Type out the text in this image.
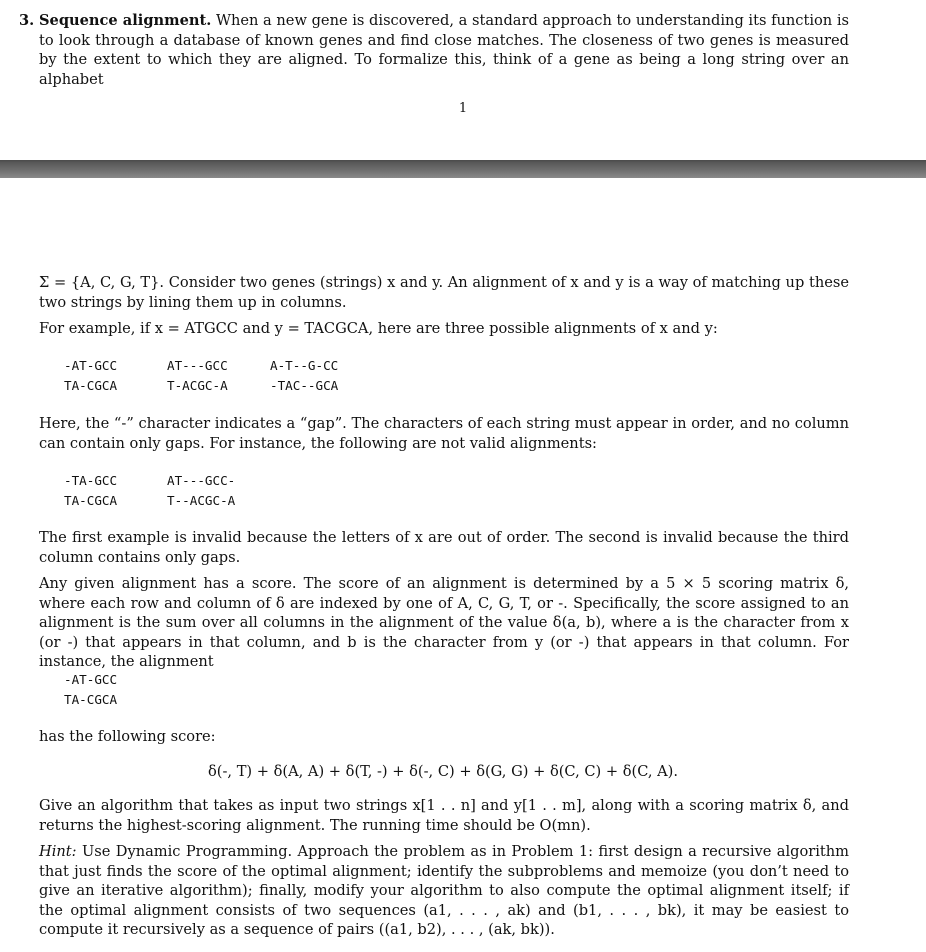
3. Sequence alignment. When a new gene is discovered, a standard approach to understanding its function is to look through a database of known genes and find close matches. The closeness of two genes is measured by the extent to which they are aligned. To formalize this, think of a gene as being a long string over an alphabet

1

Σ = {A, C, G, T}. Consider two genes (strings) x and y. An alignment of x and y is a way of matching up these two strings by lining them up in columns.

For example, if x = ATGCC and y = TACGCA, here are three possible alignments of x and y:

-AT-GCC
TA-CGCA
AT---GCC
T-ACGC-A
A-T--G-CC
-TAC--GCA

Here, the “-” character indicates a “gap”. The characters of each string must appear in order, and no column can contain only gaps. For instance, the following are not valid alignments:

-TA-GCC
TA-CGCA
AT---GCC-
T--ACGC-A

The first example is invalid because the letters of x are out of order. The second is invalid because the third column contains only gaps.

Any given alignment has a score. The score of an alignment is determined by a 5 × 5 scoring matrix δ, where each row and column of δ are indexed by one of A, C, G, T, or -. Specifically, the score assigned to an alignment is the sum over all columns in the alignment of the value δ(a, b), where a is the character from x (or -) that appears in that column, and b is the character from y (or -) that appears in that column. For instance, the alignment

-AT-GCC
TA-CGCA

has the following score:

δ(-, T) + δ(A, A) + δ(T, -) + δ(-, C) + δ(G, G) + δ(C, C) + δ(C, A).

Give an algorithm that takes as input two strings x[1 . . n] and y[1 . . m], along with a scoring matrix δ, and returns the highest-scoring alignment. The running time should be O(mn).

Hint: Use Dynamic Programming. Approach the problem as in Problem 1: first design a recursive algorithm that just finds the score of the optimal alignment; identify the subproblems and memoize (you don’t need to give an iterative algorithm); finally, modify your algorithm to also compute the optimal alignment itself; if the optimal alignment consists of two sequences (a1, . . . , ak) and (b1, . . . , bk), it may be easiest to compute it recursively as a sequence of pairs ((a1, b2), . . . , (ak, bk)).
